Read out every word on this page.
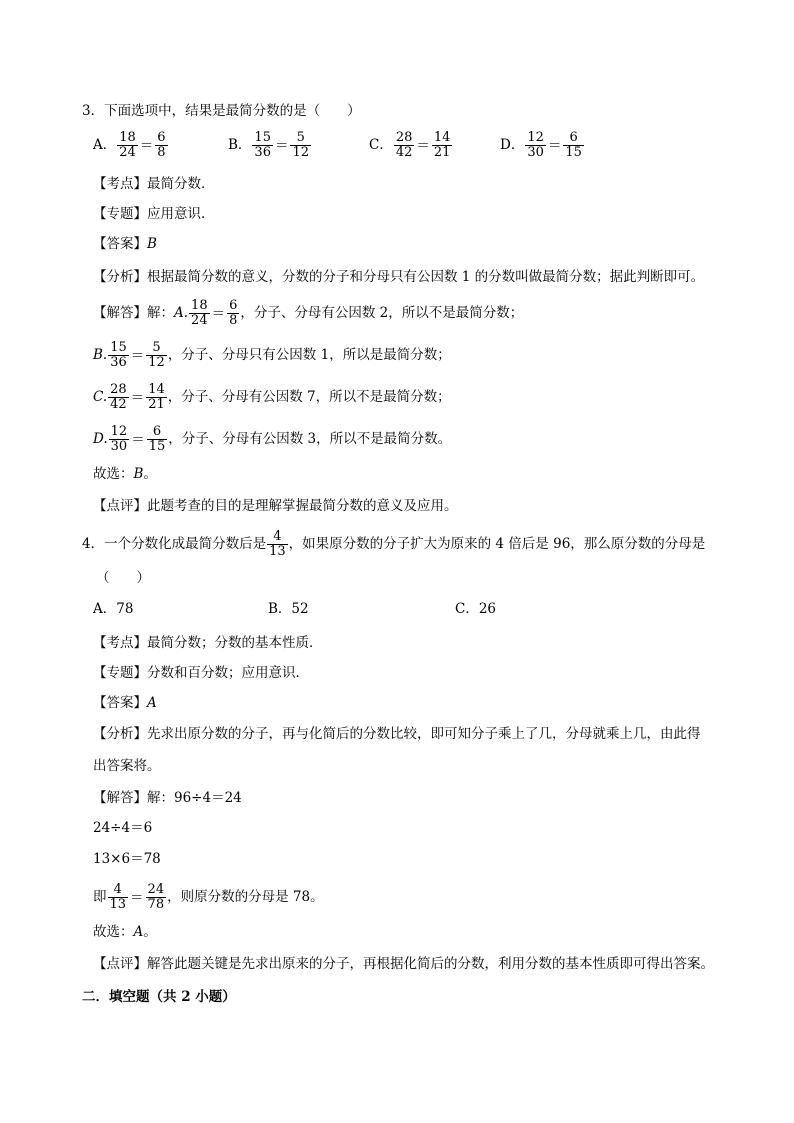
3．下面选项中，结果是最简分数的是（　　）
A． $\frac{18}{24} = \frac{6}{8}$	B． $\frac{15}{36} = \frac{5}{12}$	C． $\frac{28}{42} = \frac{14}{21}$	D． $\frac{12}{30} = \frac{6}{15}$
【考点】最简分数．
【专题】应用意识．
【答案】B
【分析】根据最简分数的意义，分数的分子和分母只有公因数 1 的分数叫做最简分数；据此判断即可。
【解答】解：A. $\frac{18}{24} = \frac{6}{8}$ ，分子、分母有公因数 2，所以不是最简分数；
B. $\frac{15}{36} = \frac{5}{12}$ ，分子、分母只有公因数 1，所以是最简分数；
C. $\frac{28}{42} = \frac{14}{21}$ ，分子、分母有公因数 7，所以不是最简分数；
D. $\frac{12}{30} = \frac{6}{15}$ ，分子、分母有公因数 3，所以不是最简分数。
故选：B。
【点评】此题考查的目的是理解掌握最简分数的意义及应用。
4．一个分数化成最简分数后是 $\frac{4}{13}$ ，如果原分数的分子扩大为原来的 4 倍后是 96，那么原分数的分母是
（　　）
A．78	B．52	C．26
【考点】最简分数；分数的基本性质．
【专题】分数和百分数；应用意识．
【答案】A
【分析】先求出原分数的分子，再与化简后的分数比较，即可知分子乘上了几，分母就乘上几，由此得
出答案将。
【解答】解：96÷4＝24
24÷4＝6
13×6＝78
即 $\frac{4}{13} = \frac{24}{78}$ ，则原分数的分母是 78。
故选：A。
【点评】解答此题关键是先求出原来的分子，再根据化简后的分数，利用分数的基本性质即可得出答案。
二．填空题（共 2 小题）
